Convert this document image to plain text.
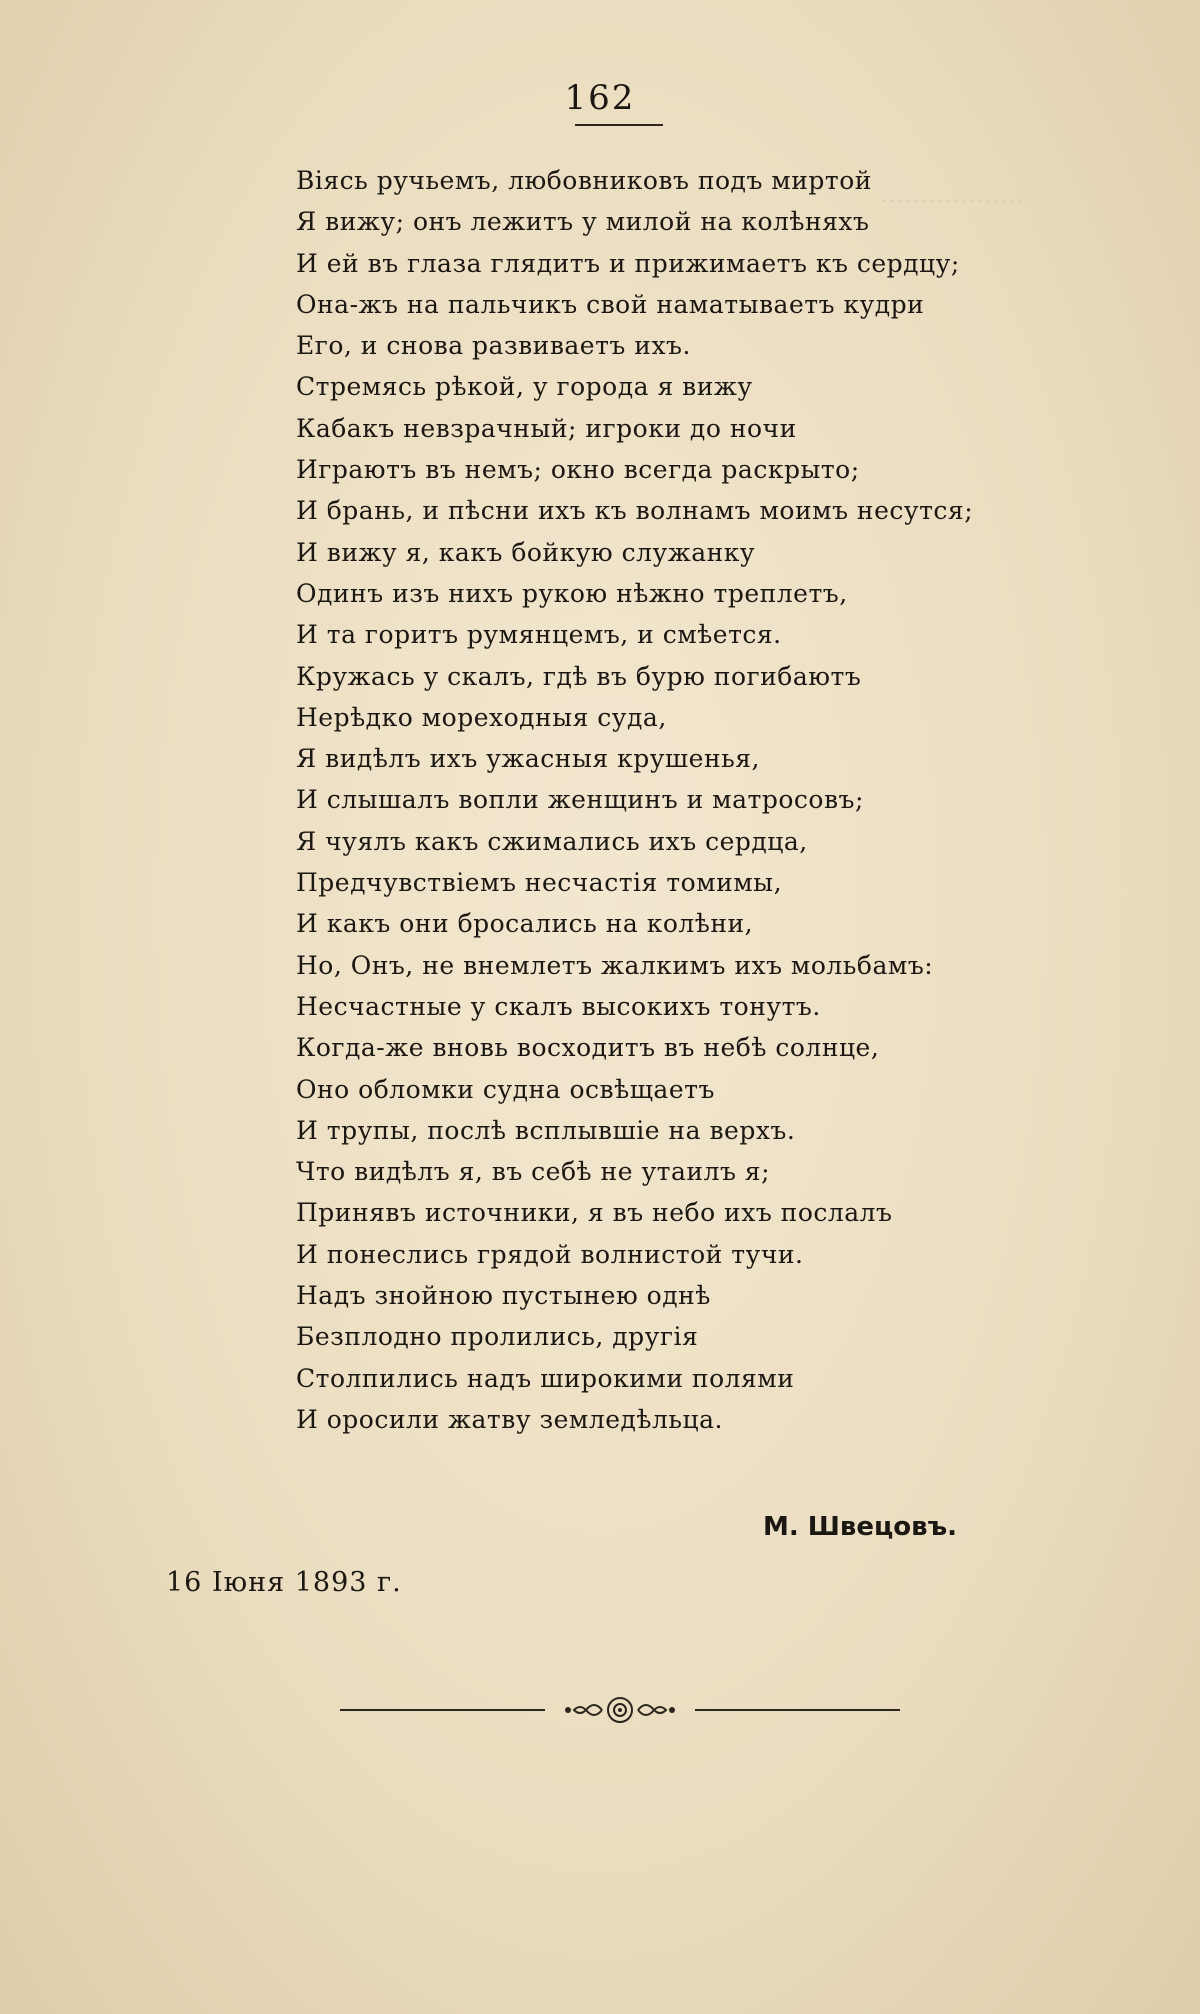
………………
162
Віясь ручьемъ, любовниковъ подъ миртой
Я вижу; онъ лежитъ у милой на колѣняхъ
И ей въ глаза глядитъ и прижимаетъ къ сердцу;
Она-жъ на пальчикъ свой наматываетъ кудри
Его, и снова развиваетъ ихъ.
Стремясь рѣкой, у города я вижу
Кабакъ невзрачный; игроки до ночи
Играютъ въ немъ; окно всегда раскрыто;
И брань, и пѣсни ихъ къ волнамъ моимъ несутся;
И вижу я, какъ бойкую служанку
Одинъ изъ нихъ рукою нѣжно треплетъ,
И та горитъ румянцемъ, и смѣется.
Кружась у скалъ, гдѣ въ бурю погибаютъ
Нерѣдко мореходныя суда,
Я видѣлъ ихъ ужасныя крушенья,
И слышалъ вопли женщинъ и матросовъ;
Я чуялъ какъ сжимались ихъ сердца,
Предчувствіемъ несчастія томимы,
И какъ они бросались на колѣни,
Но, Онъ, не внемлетъ жалкимъ ихъ мольбамъ:
Несчастные у скалъ высокихъ тонутъ.
Когда-же вновь восходитъ въ небѣ солнце,
Оно обломки судна освѣщаетъ
И трупы, послѣ всплывшіе на верхъ.
Что видѣлъ я, въ себѣ не утаилъ я;
Принявъ источники, я въ небо ихъ послалъ
И понеслись грядой волнистой тучи.
Надъ знойною пустынею однѣ
Безплодно пролились, другія
Столпились надъ широкими полями
И оросили жатву земледѣльца.
М. Швецовъ.
16 Іюня 1893 г.
